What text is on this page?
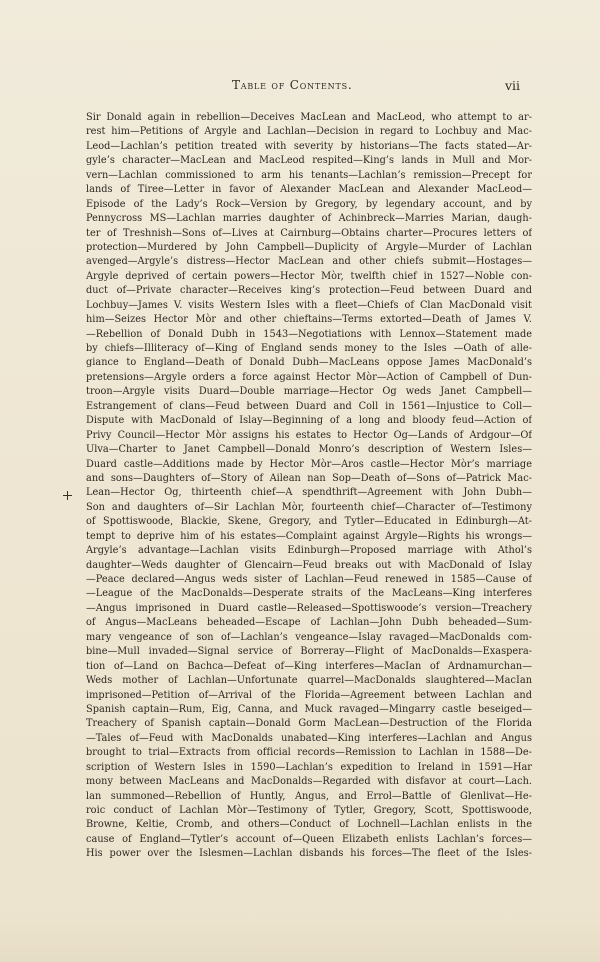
Table of Contents.	vii
Sir Donald again in rebellion—Deceives MacLean and MacLeod, who attempt to ar-
rest him—Petitions of Argyle and Lachlan—Decision in regard to Lochbuy and Mac-
Leod—Lachlan’s petition treated with severity by historians—The facts stated—Ar-
gyle’s character—MacLean and MacLeod respited—King’s lands in Mull and Mor-
vern—Lachlan commissioned to arm his tenants—Lachlan’s remission—Precept for
lands of Tiree—Letter in favor of Alexander MacLean and Alexander MacLeod—
Episode of the Lady’s Rock—Version by Gregory, by legendary account, and by
Pennycross MS—Lachlan marries daughter of Achinbreck—Marries Marian, daugh-
ter of Treshnish—Sons of—Lives at Cairnburg—Obtains charter—Procures letters of
protection—Murdered by John Campbell—Duplicity of Argyle—Murder of Lachlan
avenged—Argyle’s distress—Hector MacLean and other chiefs submit—Hostages—
Argyle deprived of certain powers—Hector Mòr, twelfth chief in 1527—Noble con-
duct of—Private character—Receives king’s protection—Feud between Duard and
Lochbuy—James V. visits Western Isles with a fleet—Chiefs of Clan MacDonald visit
him—Seizes Hector Mòr and other chieftains—Terms extorted—Death of James V.
—Rebellion of Donald Dubh in 1543—Negotiations with Lennox—Statement made
by chiefs—Illiteracy of—King of England sends money to the Isles —Oath of alle-
giance to England—Death of Donald Dubh—MacLeans oppose James MacDonald’s
pretensions—Argyle orders a force against Hector Mòr—Action of Campbell of Dun-
troon—Argyle visits Duard—Double marriage—Hector Og weds Janet Campbell—
Estrangement of clans—Feud between Duard and Coll in 1561—Injustice to Coll—
Dispute with MacDonald of Islay—Beginning of a long and bloody feud—Action of
Privy Council—Hector Mòr assigns his estates to Hector Og—Lands of Ardgour—Of
Ulva—Charter to Janet Campbell—Donald Monro’s description of Western Isles—
Duard castle—Additions made by Hector Mòr—Aros castle—Hector Mòr’s marriage
and sons—Daughters of—Story of Ailean nan Sop—Death of—Sons of—Patrick Mac-
Lean—Hector Og, thirteenth chief—A spendthrift—Agreement with John Dubh—
Son and daughters of—Sir Lachlan Mòr, fourteenth chief—Character of—Testimony
of Spottiswoode, Blackie, Skene, Gregory, and Tytler—Educated in Edinburgh—At-
tempt to deprive him of his estates—Complaint against Argyle—Rights his wrongs—
Argyle’s advantage—Lachlan visits Edinburgh—Proposed marriage with Athol’s
daughter—Weds daughter of Glencairn—Feud breaks out with MacDonald of Islay
—Peace declared—Angus weds sister of Lachlan—Feud renewed in 1585—Cause of
—League of the MacDonalds—Desperate straits of the MacLeans—King interferes
—Angus imprisoned in Duard castle—Released—Spottiswoode’s version—Treachery
of Angus—MacLeans beheaded—Escape of Lachlan—John Dubh beheaded—Sum-
mary vengeance of son of—Lachlan’s vengeance—Islay ravaged—MacDonalds com-
bine—Mull invaded—Signal service of Borreray—Flight of MacDonalds—Exaspera-
tion of—Land on Bachca—Defeat of—King interferes—MacIan of Ardnamurchan—
Weds mother of Lachlan—Unfortunate quarrel—MacDonalds slaughtered—MacIan
imprisoned—Petition of—Arrival of the Florida—Agreement between Lachlan and
Spanish captain—Rum, Eig, Canna, and Muck ravaged—Mingarry castle beseiged—
Treachery of Spanish captain—Donald Gorm MacLean—Destruction of the Florida
—Tales of—Feud with MacDonalds unabated—King interferes—Lachlan and Angus
brought to trial—Extracts from official records—Remission to Lachlan in 1588—De-
scription of Western Isles in 1590—Lachlan’s expedition to Ireland in 1591—Har
mony between MacLeans and MacDonalds—Regarded with disfavor at court—Lach.
lan summoned—Rebellion of Huntly, Angus, and Errol—Battle of Glenlivat—He-
roic conduct of Lachlan Mòr—Testimony of Tytler, Gregory, Scott, Spottiswoode,
Browne, Keltie, Cromb, and others—Conduct of Lochnell—Lachlan enlists in the
cause of England—Tytler’s account of—Queen Elizabeth enlists Lachlan’s forces—
His power over the Islesmen—Lachlan disbands his forces—The fleet of the Isles-
